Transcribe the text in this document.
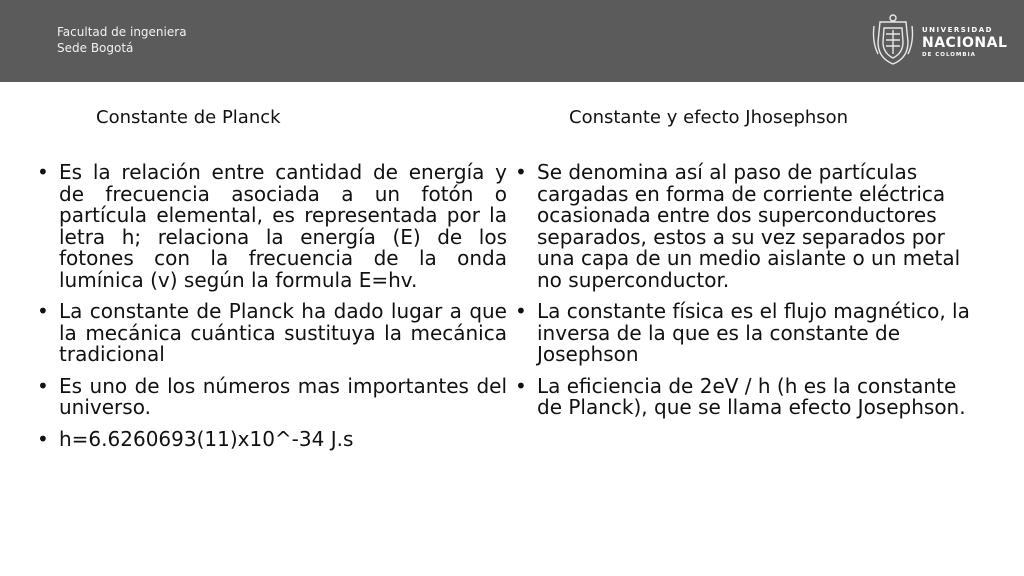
Facultad de ingeniera
Sede Bogotá
UNIVERSIDAD
NACIONAL
DE COLOMBIA
Constante de Planck	Constante y efecto Jhosephson
• Es la relación entre cantidad de energía y de frecuencia asociada a un fotón o partícula elemental, es representada por la letra h; relaciona la energía (E) de los fotones con la frecuencia de la onda lumínica (v) según la formula E=hv.
• La constante de Planck ha dado lugar a que la mecánica cuántica sustituya la mecánica tradicional
• Es uno de los números mas importantes del universo.
• h=6.6260693(11)x10^-34 J.s
• Se denomina así al paso de partículas cargadas en forma de corriente eléctrica ocasionada entre dos superconductores separados, estos a su vez separados por una capa de un medio aislante o un metal no superconductor.
• La constante física es el flujo magnético, la inversa de la que es la constante de Josephson
• La eficiencia de 2eV / h (h es la constante de Planck), que se llama efecto Josephson.
